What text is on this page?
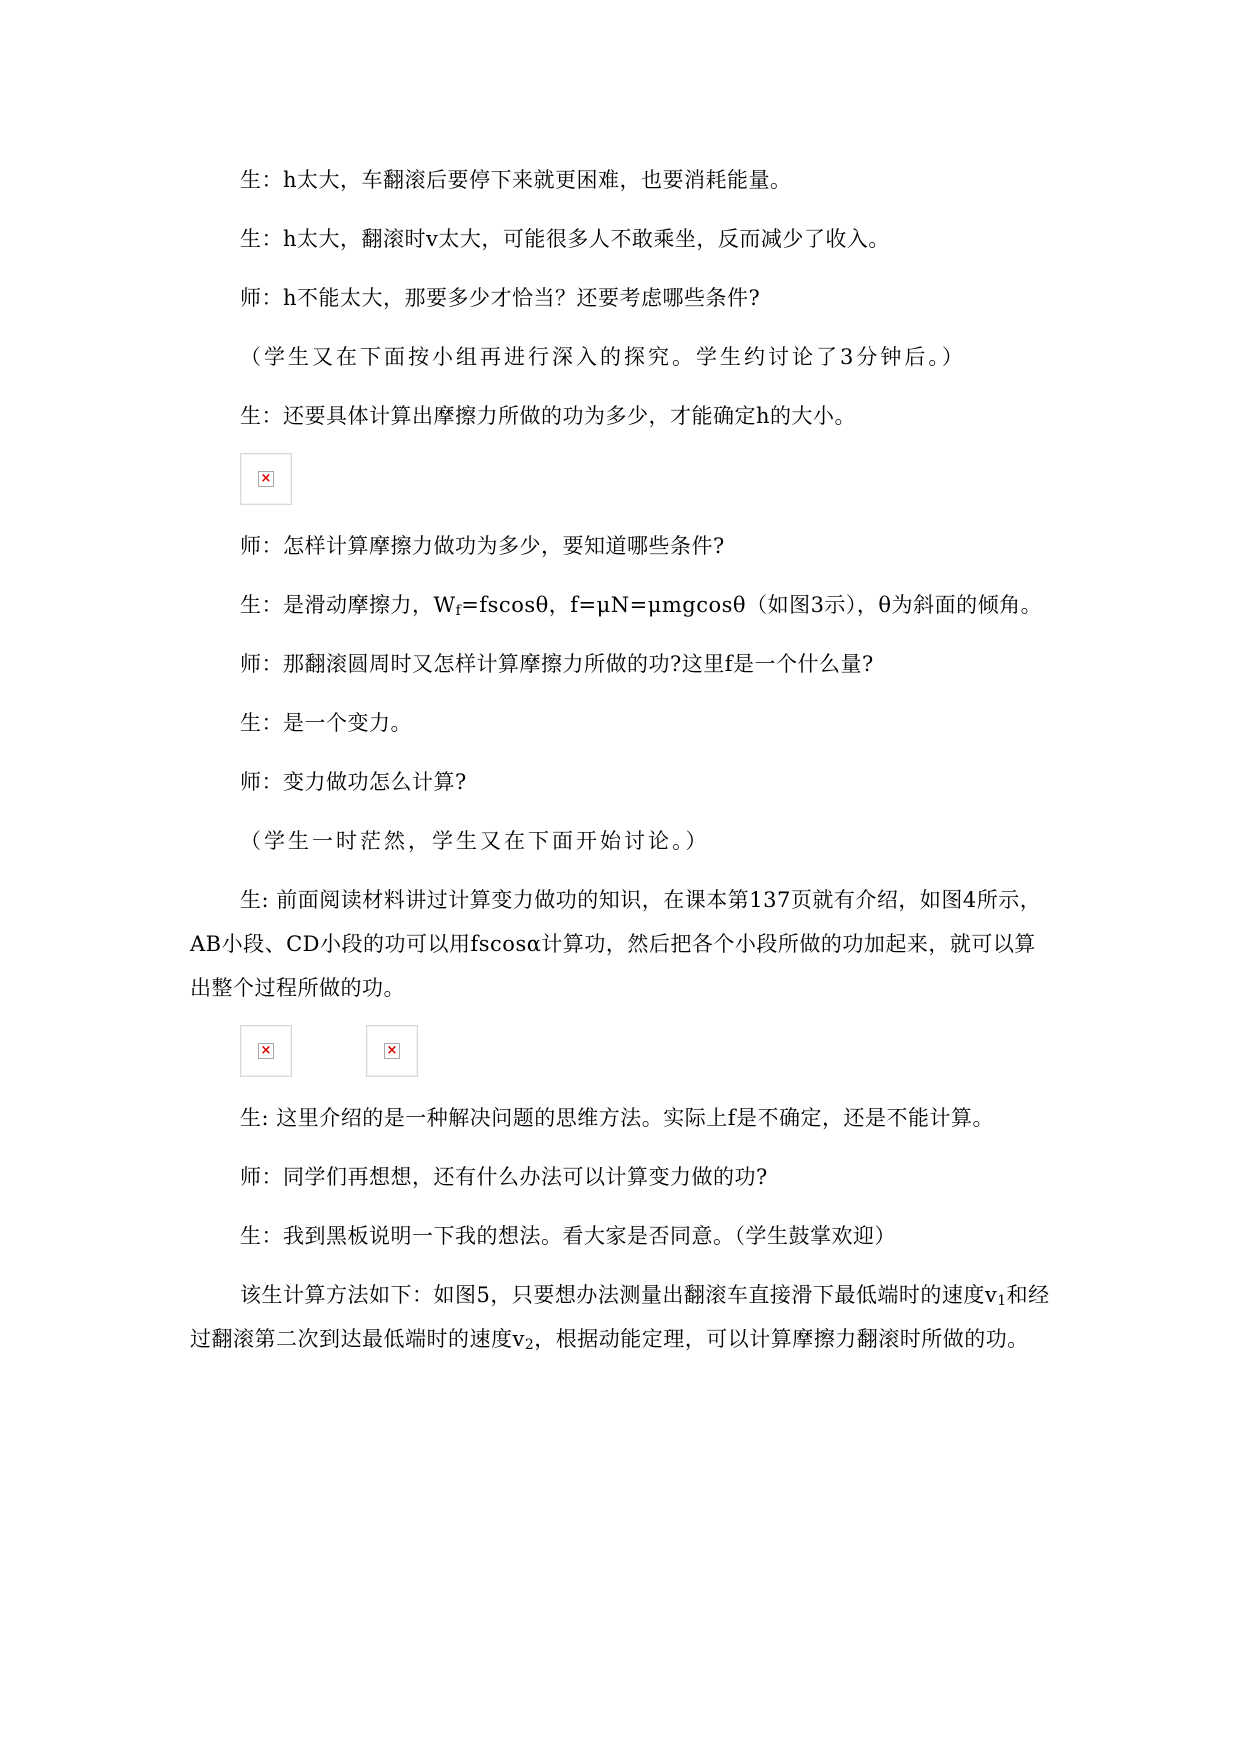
生：h太大，车翻滚后要停下来就更困难，也要消耗能量。

生：h太大，翻滚时v太大，可能很多人不敢乘坐，反而减少了收入。

师：h不能太大，那要多少才恰当？还要考虑哪些条件?

（学生又在下面按小组再进行深入的探究。学生约讨论了3分钟后。）

生：还要具体计算出摩擦力所做的功为多少，才能确定h的大小。

×

师：怎样计算摩擦力做功为多少，要知道哪些条件?

生：是滑动摩擦力，$W_f=fscos\theta$，f=μN=μmgcosθ（如图3示），θ为斜面的倾角。

师：那翻滚圆周时又怎样计算摩擦力所做的功?这里f是一个什么量?

生：是一个变力。

师：变力做功怎么计算?

（学生一时茫然，学生又在下面开始讨论。）

生: 前面阅读材料讲过计算变力做功的知识，在课本第137页就有介绍，如图4所示，AB小段、CD小段的功可以用fscosα计算功，然后把各个小段所做的功加起来，就可以算出整个过程所做的功。

×	×

生: 这里介绍的是一种解决问题的思维方法。实际上f是不确定，还是不能计算。

师：同学们再想想，还有什么办法可以计算变力做的功?

生：我到黑板说明一下我的想法。看大家是否同意。（学生鼓掌欢迎）

该生计算方法如下：如图5，只要想办法测量出翻滚车直接滑下最低端时的速度$v_1$和经过翻滚第二次到达最低端时的速度$v_2$，根据动能定理，可以计算摩擦力翻滚时所做的功。
